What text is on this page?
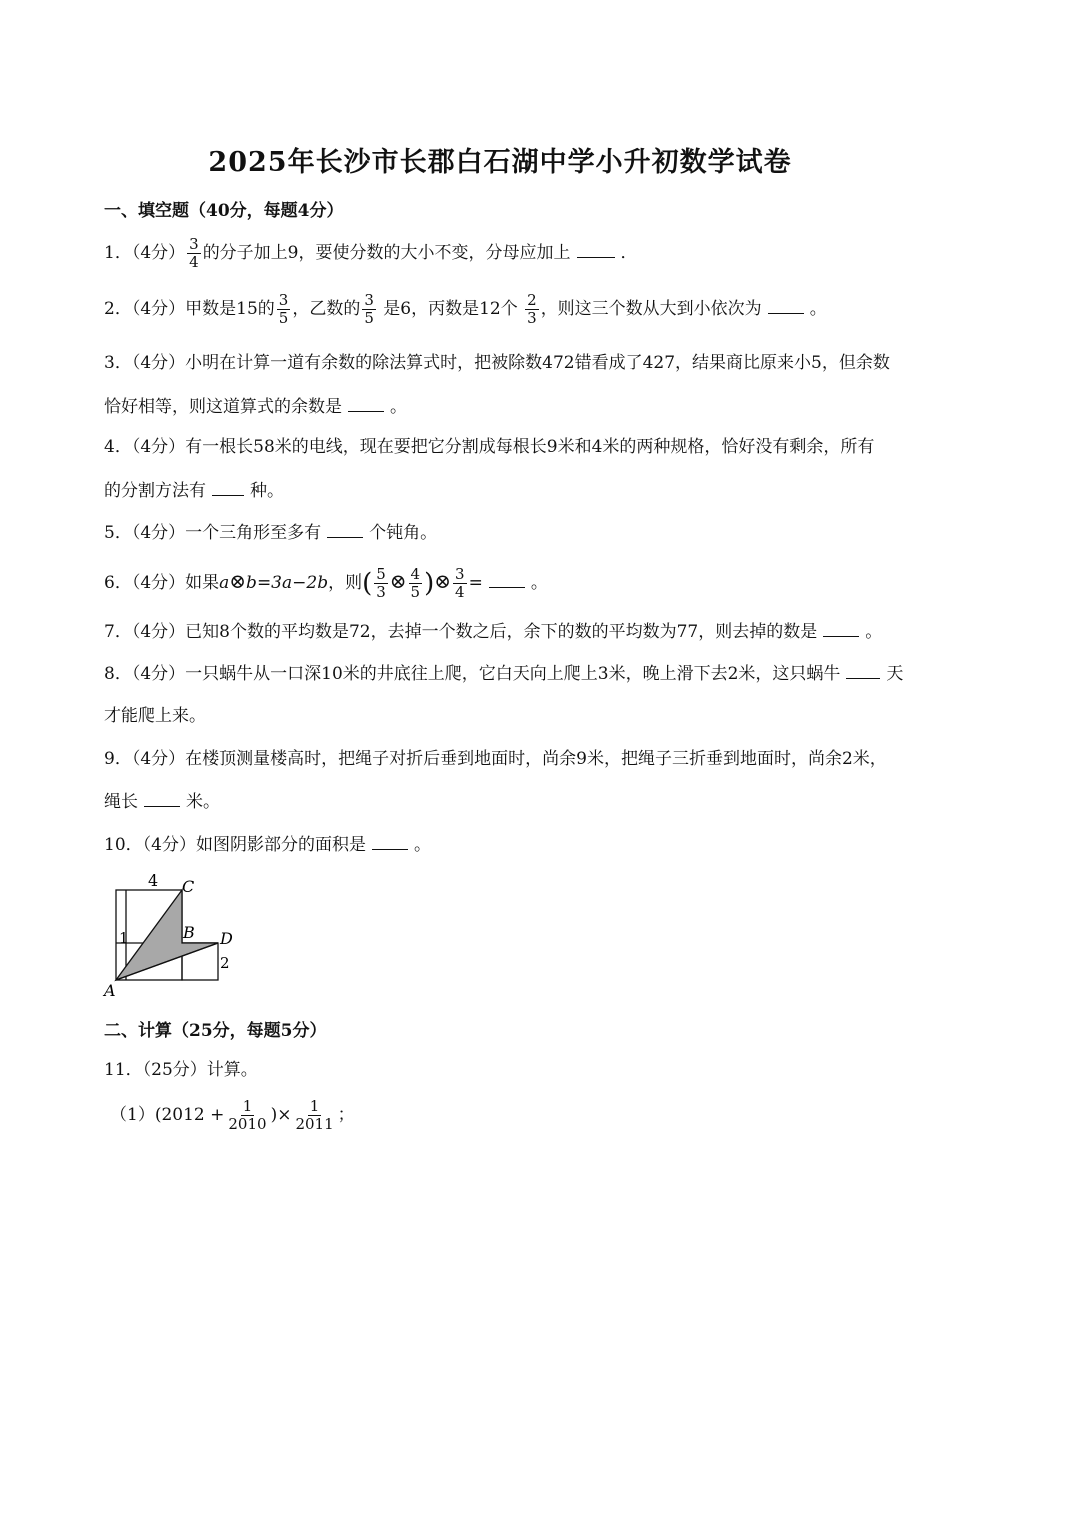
2025年长沙市长郡白石湖中学小升初数学试卷
一、填空题（40分，每题4分）
1．（4分） $\frac{3}{4}$ 的分子加上9，要使分数的大小不变，分母应加上	．
2．（4分）甲数是15的 $\frac{3}{5}$ ，乙数的 $\frac{3}{5}$ 是6，丙数是12个 $\frac{2}{3}$ ，则这三个数从大到小依次为	。
3．（4分）小明在计算一道有余数的除法算式时，把被除数472错看成了427，结果商比原来小5，但余数
恰好相等，则这道算式的余数是	。
4．（4分）有一根长58米的电线，现在要把它分割成每根长9米和4米的两种规格，恰好没有剩余，所有
的分割方法有	种。
5．（4分）一个三角形至多有	个钝角。
6．（4分）如果a⊗b=3a−2b，则( $\frac{5}{3}$ ⊗ $\frac{4}{5}$ )⊗ $\frac{3}{4}$ =	。
7．（4分）已知8个数的平均数是72，去掉一个数之后，余下的数的平均数为77，则去掉的数是	。
8．（4分）一只蜗牛从一口深10米的井底往上爬，它白天向上爬上3米，晚上滑下去2米，这只蜗牛	天
才能爬上来。
9．（4分）在楼顶测量楼高时，把绳子对折后垂到地面时，尚余9米，把绳子三折垂到地面时，尚余2米，
绳长	米。
10．（4分）如图阴影部分的面积是	。
4 C
1	B D
2
A
二、计算（25分，每题5分）
11．（25分）计算。
$(1)(2012 + \frac{1}{2010}$ )× $\frac{1}{2011}$ ；
